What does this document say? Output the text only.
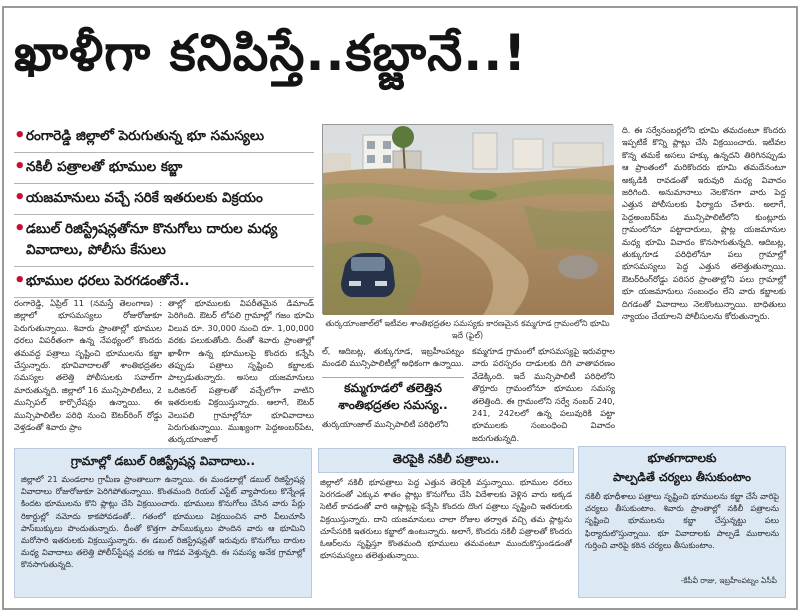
ఖాళీగా కనిపిస్తే..కబ్జానే..!
• రంగారెడ్డి జిల్లాలో పెరుగుతున్న భూ సమస్యలు
• నకిలీ పత్రాలతో భూముల కబ్జా
• యజమానులు వచ్చే సరికే ఇతరులకు విక్రయం
• డబుల్ రిజిస్ట్రేషన్లతోనూ కొనుగోలు దారుల మధ్య వివాదాలు, పోలీసు కేసులు
• భూముల ధరలు పెరగడంతోనే..
తుర్కయాంజాల్‌లో ఇటీవల శాంతిభద్రతల సమస్యకు కారణమైన కమ్మగూడ గ్రామంలోని భూమి ఇదే (ఫైల్)
రంగారెడ్డి, ఏప్రిల్ 11 (నమస్తే తెలంగాణ) : జిల్లాలో భూసమస్యలు రోజురోజుకూ పెరుగుతున్నాయి. శివారు ప్రాంతాల్లో భూముల ధరలు విపరీతంగా ఉన్న నేపథ్యంలో కొందరు తమవద్ద పత్రాలు సృష్టించి భూములను కబ్జా చేస్తున్నారు. భూవివాదాలతో శాంతిభద్రతల సమస్యల తలెత్తి పోలీసులకు సవాల్‌గా మారుతున్నది. జిల్లాలో 16 మున్సిపాలిటీలు, 2 మున్సిపల్ కార్పొరేషన్లు ఉన్నాయి. ఈ మున్సిపాలిటీల పరిధి నుంచి ఔటర్‌రింగ్ రోడ్డు వెళ్తడంతో శివారు ప్రాం
తాల్లో భూములకు విపరీతమైన డిమాండ్ పెరిగింది. ఔటర్ లోపలి గ్రామాల్లో గజం భూమి విలువ రూ. 30,000 నుంచి రూ. 1,00,000 వరకు పలుకుతోంది. దీంతో శివారు ప్రాంతాల్లో ఖాళీగా ఉన్న భూములపై కొందరు కన్నేసి తప్పుడు పత్రాలు సృష్టించి కబ్జాలకు పాల్పడుతున్నారు. అసలు యజమానులు ఒరిజినల్ పత్రాలతో వచ్చేలోగా వాటిని ఇతరులకు విక్రయిస్తున్నారు. ఆలాగే, ఔటర్ వెలుపలి గ్రామాల్లోనూ భూవివాదాలు పెరుగుతున్నాయి. ముఖ్యంగా పెద్దఅంబర్‌పేట, తుర్కయాంజాల్
ల్, ఆదిబట్ల, తుక్కుగూడ, ఇబ్రహీంపట్నం మండలి మున్సిపాలిటీల్లో అధికంగా ఉన్నాయి.
కమ్మగూడలో తలెత్తిన శాంతిభద్రతల సమస్య..
తుర్కయాంజాల్ మున్సిపాలిటీ పరిధిలోని
కమ్మగూడ గ్రామంలో భూసమస్యపై ఇరువర్గాల వారు పరస్పరం దాడులకు దిగి వాతావరణం వేడెక్కింది. ఇదే మున్సిపాలిటీ పరిధిలోని తొర్రూరు గ్రామంలోనూ భూముల సమస్య తలెత్తింది. ఈ గ్రామంలోని సర్వే నంబర్ 240, 241, 242లలో ఉన్న పలువురికి పట్టా భూములకు సంబంధించి వివాదం జరుగుతున్నది.
ది. ఈ సర్వేనంబర్లలోని భూమి తమదంటూ కొందరు ఇప్పటికే కొన్ని ప్లాట్లు చేసి విక్రయించారు. ఇటీవల కొన్న తమకే అసలు హక్కు ఉన్నదని తిరిగినప్పుడు ఆ ప్రాంతంలో మరికొందరు భూమి తమదేనంటూ అక్కడికి రావడంతో ఇరువురి మధ్య వివాదం జరిగింది. అనుమానాలు నెలకొనగా వారు పెద్ద ఎత్తున పోలీసులకు ఫిర్యాదు చేశారు. అలాగే, పెద్దఅంబర్‌పేట మున్సిపాలిటీలోని కుంట్లూరు గ్రామంలోనూ పట్టాదారులు, ప్లాట్ల యజమానుల మధ్య భూమి వివాదం కొనసాగుతున్నది. ఆదిబట్ల, తుక్కుగూడ పరిధిలోనూ పలు గ్రామాల్లో భూసమస్యలు పెద్ద ఎత్తున తలెత్తుతున్నాయి. ఔటర్‌రింగ్‌రోడ్డు పరిసర ప్రాంతాల్లోని పలు గ్రామాల్లో భూ యజమానులు సంబంధం లేని వారు కబ్జాలకు దిగడంతో వివాదాలు నెలకొంటున్నాయి. బాధితులు న్యాయం చేయాలని పోలీసులను కోరుతున్నారు.
గ్రామాల్లో డబుల్ రిజిస్ట్రేషన్ల వివాదాలు..
జిల్లాలో 21 మండలాల గ్రామీణ ప్రాంతాలుగా ఉన్నాయి. ఈ మండలాల్లో డబుల్ రిజిస్ట్రేషన్ల వివాదాలు రోజురోజుకూ పెరిగిపోతున్నాయి. కొంతమంది రియల్ ఎస్టేట్ వ్యాపారులు కొన్నేండ్ల కిందట భూములను కొని ప్లాట్లు చేసి విక్రయించారు. భూములు కొనుగోలు చేసిన వారు పేర్లు రికార్డుల్లో నమోదు కాకపోవడంతో.. గతంలో భూములు విక్రయించిన వారి వీలుచూసి పాస్‌బుక్కులు పొందుతున్నారు. దీంతో కొత్తగా పాస్‌బుక్కులు పొందిన వారు ఆ భూమిని మరోసారి ఇతరులకు విక్రయిస్తున్నారు. ఈ డబుల్ రిజిస్ట్రేషన్లతో ఇరువురు కొనుగోలు దారుల మధ్య వివాదాలు తలెత్తి పోలీస్‌స్టేషన్ల వరకు ఆ గొడవ వెళ్తున్నది. ఈ సమస్య అనేక గ్రామాల్లో కొనసాగుతున్నది.
తెరపైకి నకిలీ పత్రాలు..
జిల్లాలో నకిలీ భూపత్రాలు పెద్ద ఎత్తున తెరపైకి వస్తున్నాయి. భూముల ధరలు పెరగడంతో ఎక్కువ శాతం ప్లాట్లు కొనుగోలు చేసి విదేశాలకు వెళ్లిన వారు అక్కడ సెటిల్‌ కావడంతో వారి ఆప్లాట్లపై కన్నేసి కొందరు దొంగ పత్రాలు సృష్టించి ఇతరులకు విక్రయిస్తున్నారు. దాని యజమానులు చాలా రోజుల తర్వాత వచ్చి తమ ప్లాట్లను చూసేసరికి ఇతరులు కబ్జాలో ఉంటున్నారు. అలాగే, కొందరు నకిలీ పత్రాలతో కొందరు ఓఆర్‌లను సృష్టిస్తూ కొంతమంది భూములు తమవంటూ ముందుకొస్తుండడంతో భూసమస్యలు తలెత్తుతున్నాయి.
భూతగాదాలకు
పాల్పడితే చర్యలు తీసుకుంటాం
నకిలీ భూధీశాలు పత్రాలు సృష్టించి భూములను కబ్జా చేసే వారిపై చర్యలు తీసుకుంటాం. శివారు ప్రాంతాల్లో నకిలీ పత్రాలను సృష్టించి భూములను కబ్జా చేస్తున్నట్టు పలు ఫిర్యాదులొస్తున్నాయి. భూ వివాదాలకు పాల్పడే ముఠాలను గుర్తించి వారిపై కఠిన చర్యలు తీసుకుంటాం.
-కేపీవీ రాజు, ఇబ్రహీంపట్నం ఏసీపీ
